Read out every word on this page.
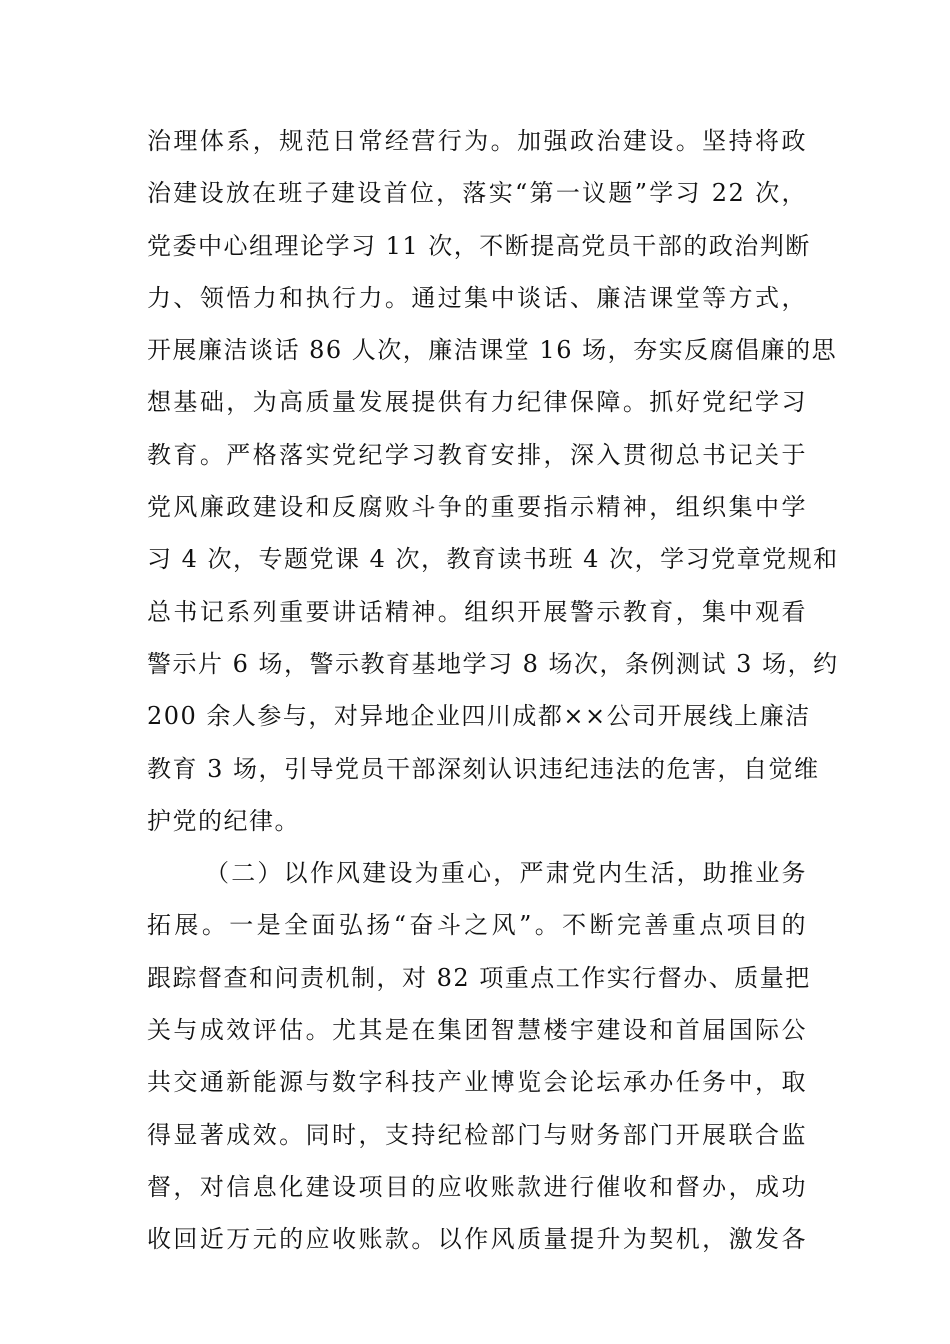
治理体系，规范日常经营行为。加强政治建设。坚持将政
治建设放在班子建设首位，落实“第一议题”学习 22 次，
党委中心组理论学习 11 次，不断提高党员干部的政治判断
力、领悟力和执行力。通过集中谈话、廉洁课堂等方式，
开展廉洁谈话 86 人次，廉洁课堂 16 场，夯实反腐倡廉的思
想基础，为高质量发展提供有力纪律保障。抓好党纪学习
教育。严格落实党纪学习教育安排，深入贯彻总书记关于
党风廉政建设和反腐败斗争的重要指示精神，组织集中学
习 4 次，专题党课 4 次，教育读书班 4 次，学习党章党规和
总书记系列重要讲话精神。组织开展警示教育，集中观看
警示片 6 场，警示教育基地学习 8 场次，条例测试 3 场，约
200 余人参与，对异地企业四川成都××公司开展线上廉洁
教育 3 场，引导党员干部深刻认识违纪违法的危害，自觉维
护党的纪律。
（二）以作风建设为重心，严肃党内生活，助推业务
拓展。一是全面弘扬“奋斗之风”。不断完善重点项目的
跟踪督查和问责机制，对 82 项重点工作实行督办、质量把
关与成效评估。尤其是在集团智慧楼宇建设和首届国际公
共交通新能源与数字科技产业博览会论坛承办任务中，取
得显著成效。同时，支持纪检部门与财务部门开展联合监
督，对信息化建设项目的应收账款进行催收和督办，成功
收回近万元的应收账款。以作风质量提升为契机，激发各
